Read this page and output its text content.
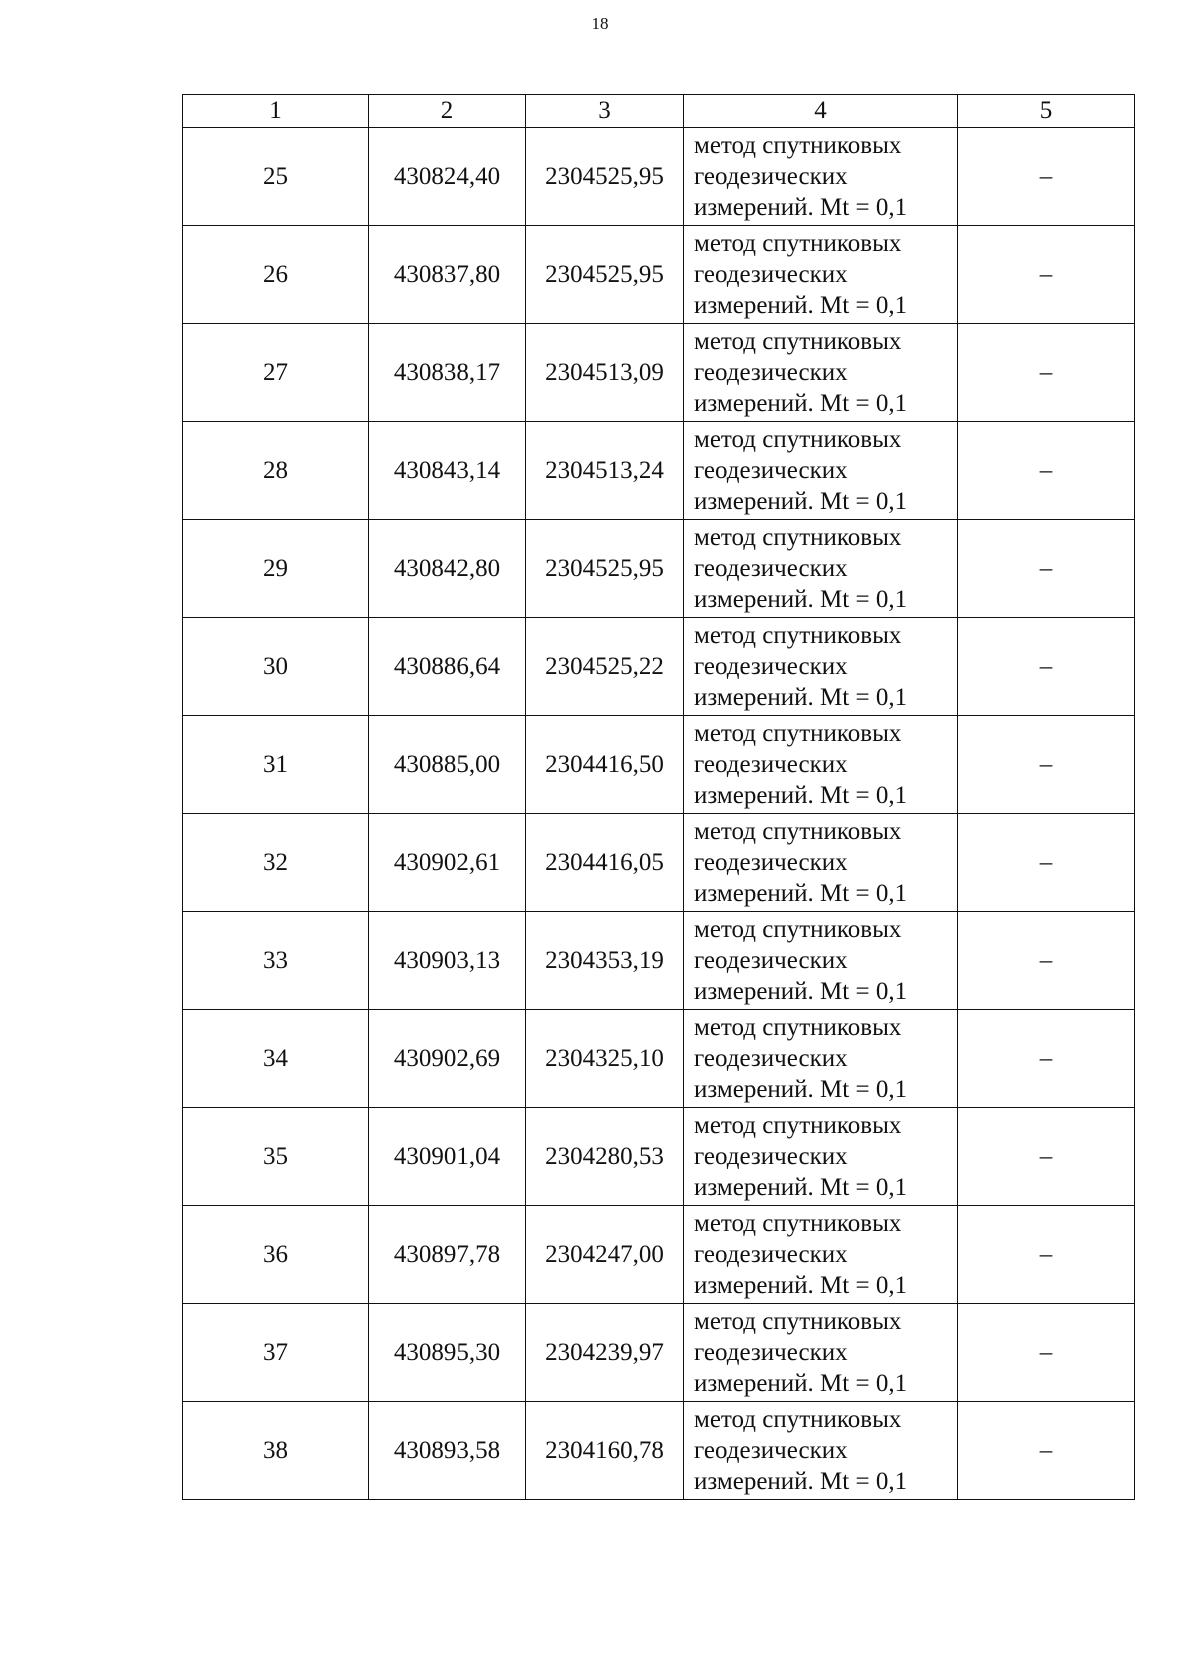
18
1	2	3	4	5
25	430824,40	2304525,95	метод спутниковых
геодезических
измерений. Mt = 0,1	–
26	430837,80	2304525,95	метод спутниковых
геодезических
измерений. Mt = 0,1	–
27	430838,17	2304513,09	метод спутниковых
геодезических
измерений. Mt = 0,1	–
28	430843,14	2304513,24	метод спутниковых
геодезических
измерений. Mt = 0,1	–
29	430842,80	2304525,95	метод спутниковых
геодезических
измерений. Mt = 0,1	–
30	430886,64	2304525,22	метод спутниковых
геодезических
измерений. Mt = 0,1	–
31	430885,00	2304416,50	метод спутниковых
геодезических
измерений. Mt = 0,1	–
32	430902,61	2304416,05	метод спутниковых
геодезических
измерений. Mt = 0,1	–
33	430903,13	2304353,19	метод спутниковых
геодезических
измерений. Mt = 0,1	–
34	430902,69	2304325,10	метод спутниковых
геодезических
измерений. Mt = 0,1	–
35	430901,04	2304280,53	метод спутниковых
геодезических
измерений. Mt = 0,1	–
36	430897,78	2304247,00	метод спутниковых
геодезических
измерений. Mt = 0,1	–
37	430895,30	2304239,97	метод спутниковых
геодезических
измерений. Mt = 0,1	–
38	430893,58	2304160,78	метод спутниковых
геодезических
измерений. Mt = 0,1	–
